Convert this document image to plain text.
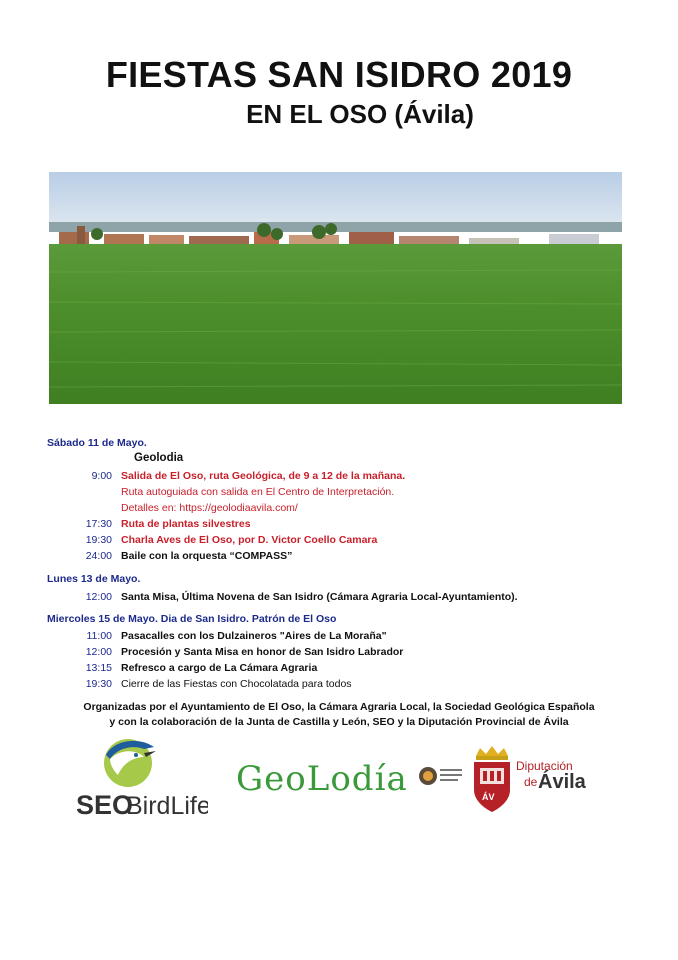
FIESTAS SAN ISIDRO 2019
EN EL OSO (Ávila)
Sábado 11 de Mayo.
Geolodia
9:00 Salida de El Oso, ruta Geológica, de 9 a 12 de la mañana.
Ruta autoguiada con salida en El Centro de Interpretación.
Detalles en: https://geolodiaavila.com/
17:30 Ruta de plantas silvestres
19:30 Charla Aves de El Oso, por D. Victor Coello Camara
24:00 Baile con la orquesta “COMPASS”
Lunes 13 de Mayo.
12:00 Santa Misa, Última Novena de San Isidro (Cámara Agraria Local-Ayuntamiento).
Miercoles 15 de Mayo. Dia de San Isidro. Patrón de El Oso
11:00 Pasacalles con los Dulzaineros "Aires de La Moraña"
12:00 Procesión y Santa Misa en honor de San Isidro Labrador
13:15 Refresco a cargo de La Cámara Agraria
19:30 Cierre de las Fiestas con Chocolatada para todos
Organizadas por el Ayuntamiento de El Oso, la Cámara Agraria Local, la Sociedad Geológica Española
y con la colaboración de la Junta de Castilla y León, SEO y la Diputación Provincial de Ávila
SEO
BirdLife
GeoLodía	ÁV
Diputación
de Ávila
